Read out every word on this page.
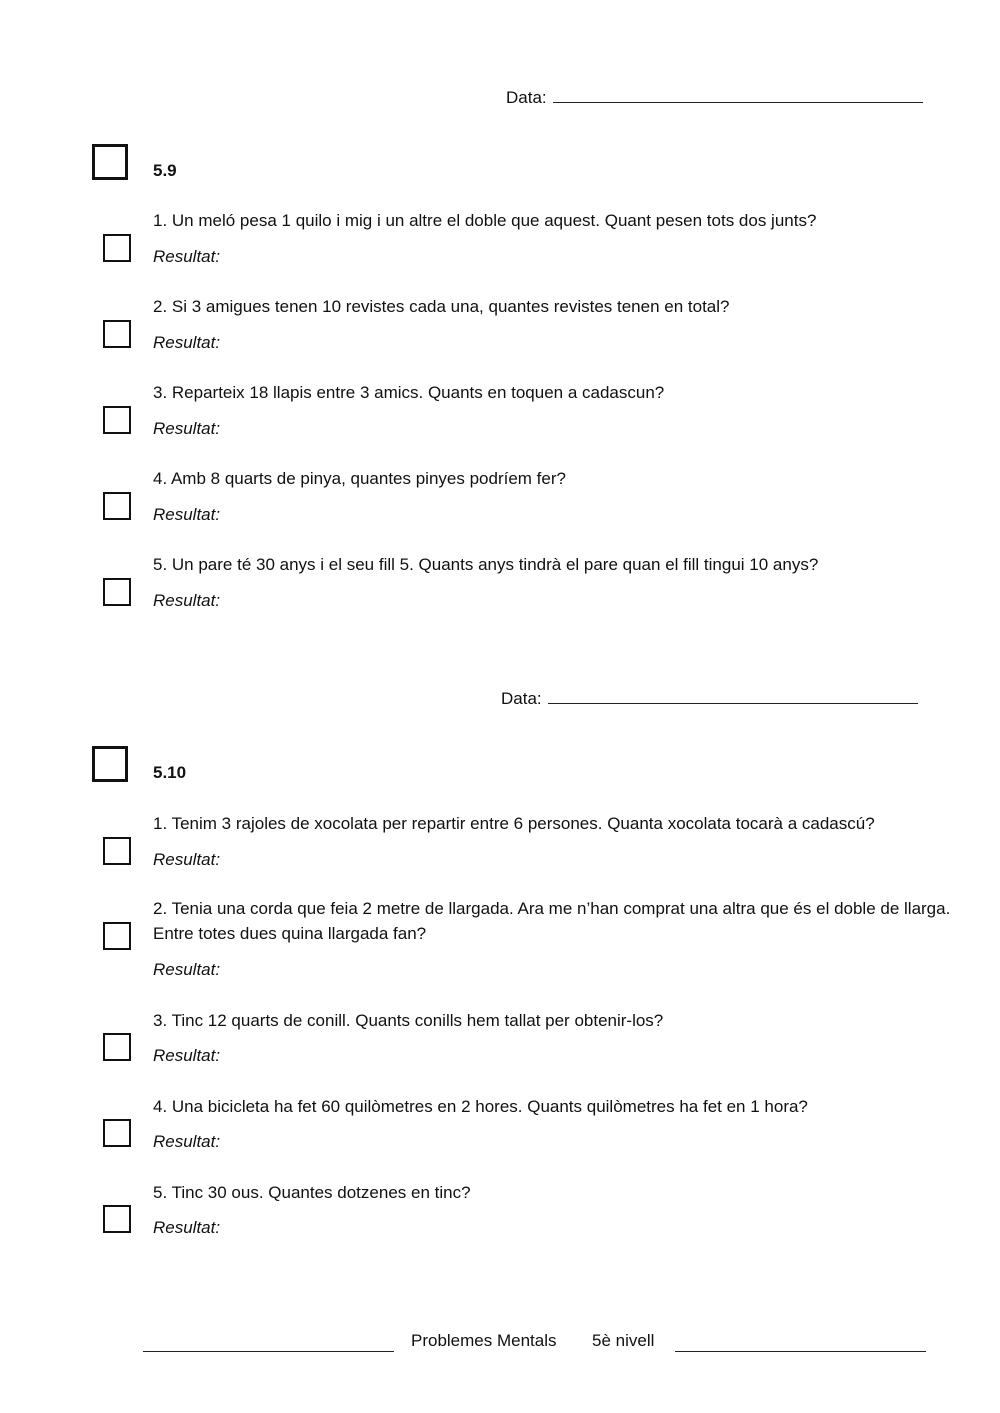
Data:
5.9
1. Un meló pesa 1 quilo i mig i un altre el doble que aquest. Quant pesen tots dos junts?
Resultat:
2. Si 3 amigues tenen 10 revistes cada una, quantes revistes tenen en total?
Resultat:
3. Reparteix 18 llapis entre 3 amics. Quants en toquen a cadascun?
Resultat:
4. Amb 8 quarts de pinya, quantes pinyes podríem fer?
Resultat:
5. Un pare té 30 anys i el seu fill 5. Quants anys tindrà el pare quan el fill tingui 10 anys?
Resultat:
Data:
5.10
1. Tenim 3 rajoles de xocolata per repartir entre 6 persones. Quanta xocolata tocarà a cadascú?
Resultat:
2. Tenia una corda que feia 2 metre de llargada. Ara me n’han comprat una altra que és el doble de llarga. Entre totes dues quina llargada fan?
Resultat:
3. Tinc 12 quarts de conill. Quants conills hem tallat per obtenir-los?
Resultat:
4. Una bicicleta ha fet 60 quilòmetres en 2 hores. Quants quilòmetres ha fet en 1 hora?
Resultat:
5. Tinc 30 ous. Quantes dotzenes en tinc?
Resultat:
Problemes Mentals 5è nivell
